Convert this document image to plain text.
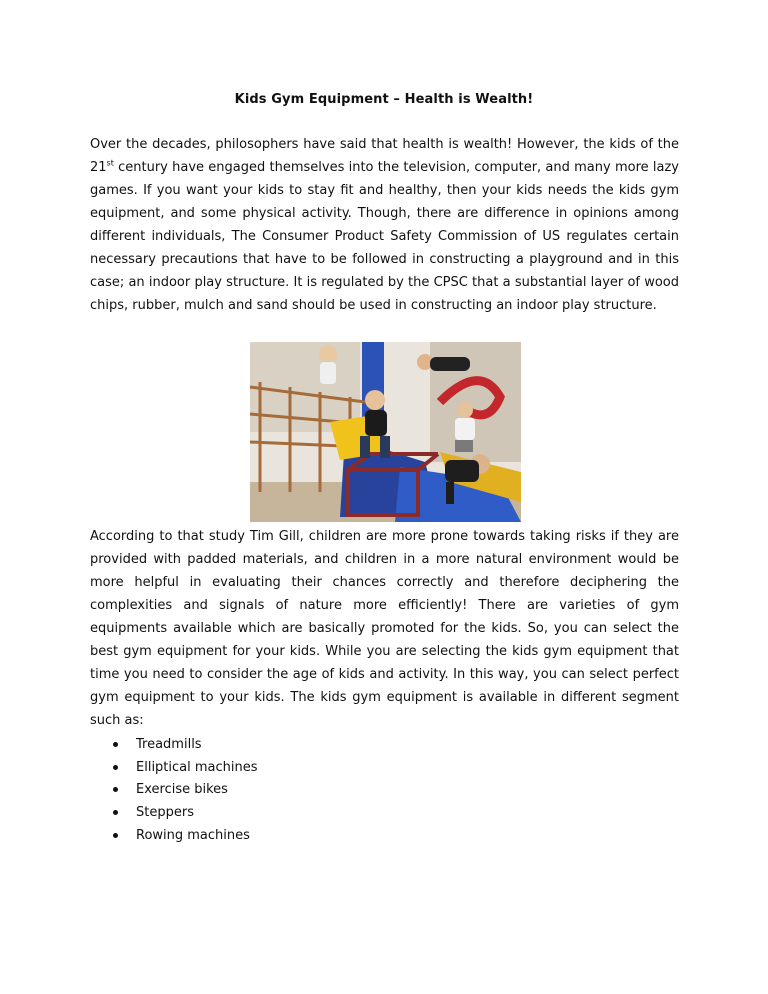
Kids Gym Equipment – Health is Wealth!

Over the decades, philosophers have said that health is wealth! However, the kids of the 21st century have engaged themselves into the television, computer, and many more lazy games. If you want your kids to stay fit and healthy, then your kids needs the kids gym equipment, and some physical activity. Though, there are difference in opinions among different individuals, The Consumer Product Safety Commission of US regulates certain necessary precautions that have to be followed in constructing a playground and in this case; an indoor play structure. It is regulated by the CPSC that a substantial layer of wood chips, rubber, mulch and sand should be used in constructing an indoor play structure.

According to that study Tim Gill, children are more prone towards taking risks if they are provided with padded materials, and children in a more natural environment would be more helpful in evaluating their chances correctly and therefore deciphering the complexities and signals of nature more efficiently! There are varieties of gym equipments available which are basically promoted for the kids. So, you can select the best gym equipment for your kids. While you are selecting the kids gym equipment that time you need to consider the age of kids and activity. In this way, you can select perfect gym equipment to your kids. The kids gym equipment is available in different segment such as:

Treadmills
Elliptical machines
Exercise bikes
Steppers
Rowing machines
